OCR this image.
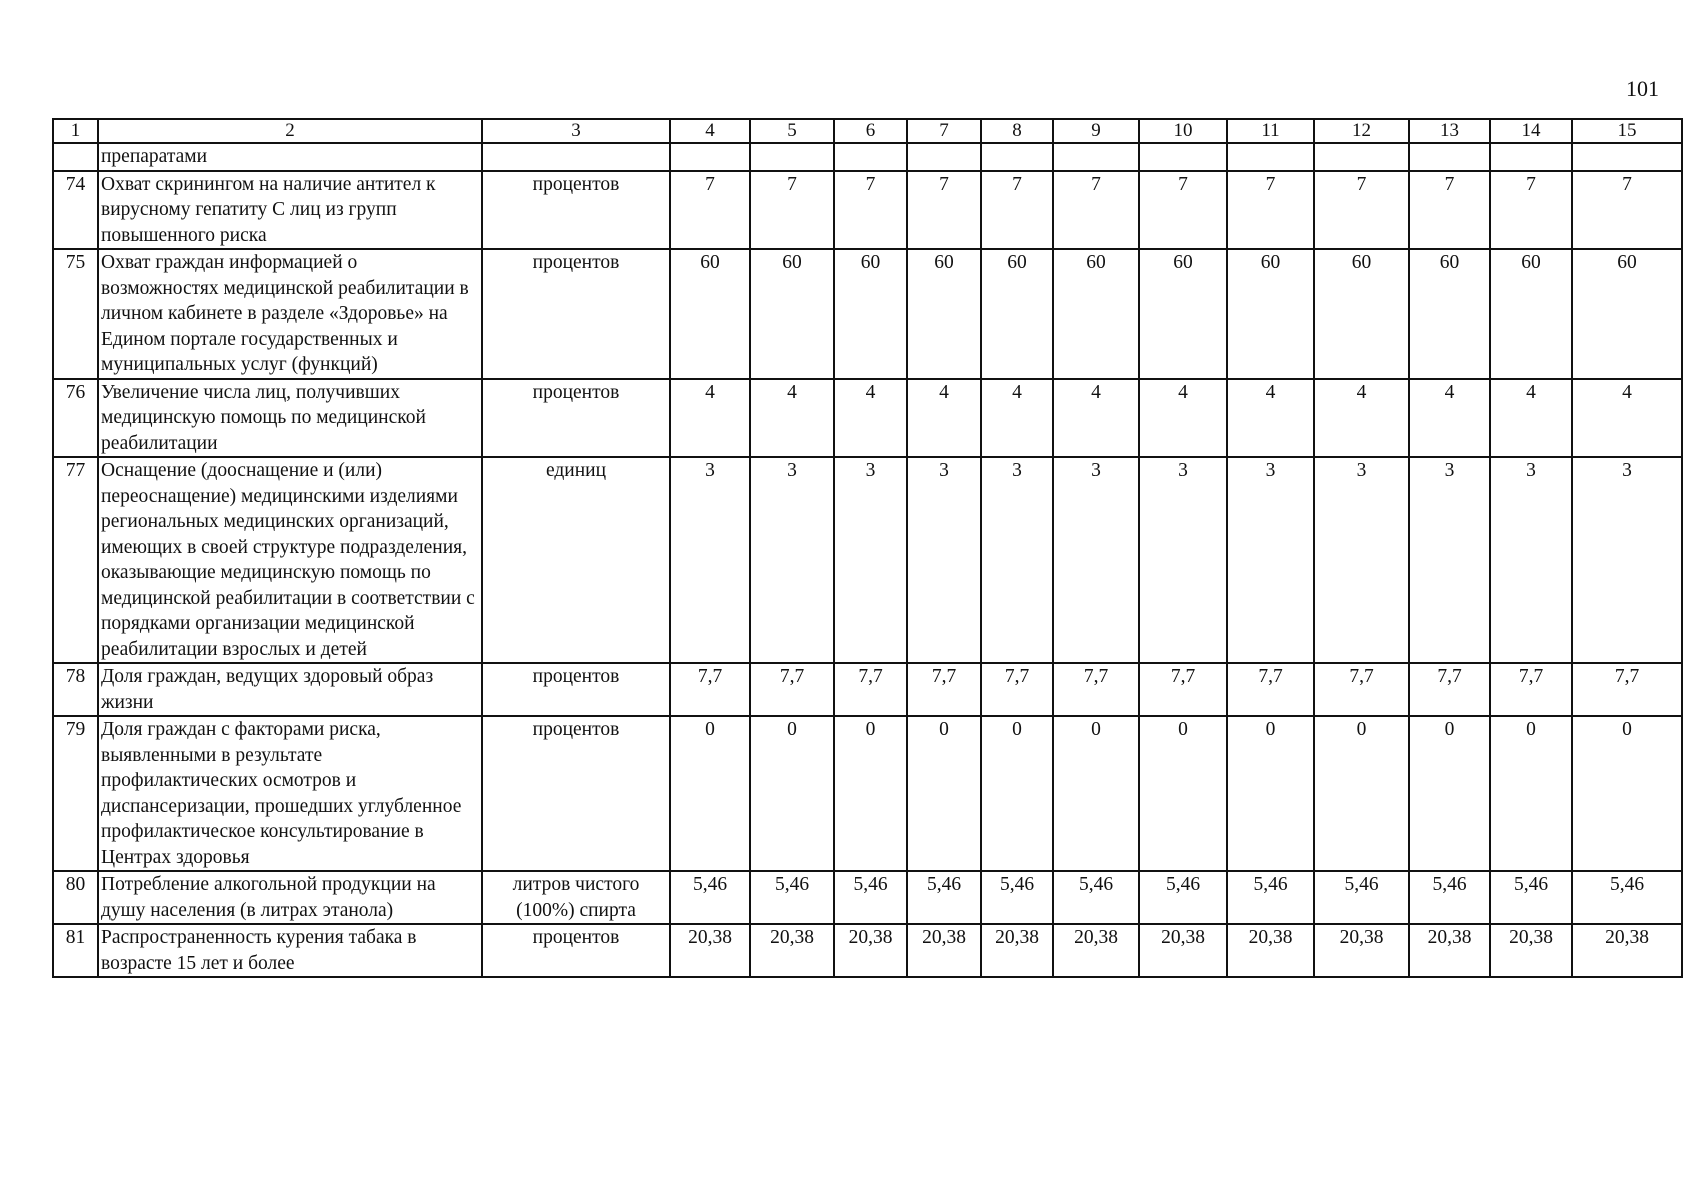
101
1	2	3	4	5	6	7	8	9	10	11	12	13	14	15
	препаратами													
74	Охват скринингом на наличие антител к вирусному гепатиту С лиц из групп повышенного риска	процентов	7	7	7	7	7	7	7	7	7	7	7	7
75	Охват граждан информацией о возможностях медицинской реабилитации в личном кабинете в разделе «Здоровье» на Едином портале государственных и муниципальных услуг (функций)	процентов	60	60	60	60	60	60	60	60	60	60	60	60
76	Увеличение числа лиц, получивших медицинскую помощь по медицинской реабилитации	процентов	4	4	4	4	4	4	4	4	4	4	4	4
77	Оснащение (дооснащение и (или) переоснащение) медицинскими изделиями региональных медицинских организаций, имеющих в своей структуре подразделения, оказывающие медицинскую помощь по медицинской реабилитации в соответствии с порядками организации медицинской реабилитации взрослых и детей	единиц	3	3	3	3	3	3	3	3	3	3	3	3
78	Доля граждан, ведущих здоровый образ жизни	процентов	7,7	7,7	7,7	7,7	7,7	7,7	7,7	7,7	7,7	7,7	7,7	7,7
79	Доля граждан с факторами риска, выявленными в результате профилактических осмотров и диспансеризации, прошедших углубленное профилактическое консультирование в Центрах здоровья	процентов	0	0	0	0	0	0	0	0	0	0	0	0
80	Потребление алкогольной продукции на душу населения (в литрах этанола)	литров чистого (100%) спирта	5,46	5,46	5,46	5,46	5,46	5,46	5,46	5,46	5,46	5,46	5,46	5,46
81	Распространенность курения табака в возрасте 15 лет и более	процентов	20,38	20,38	20,38	20,38	20,38	20,38	20,38	20,38	20,38	20,38	20,38	20,38
